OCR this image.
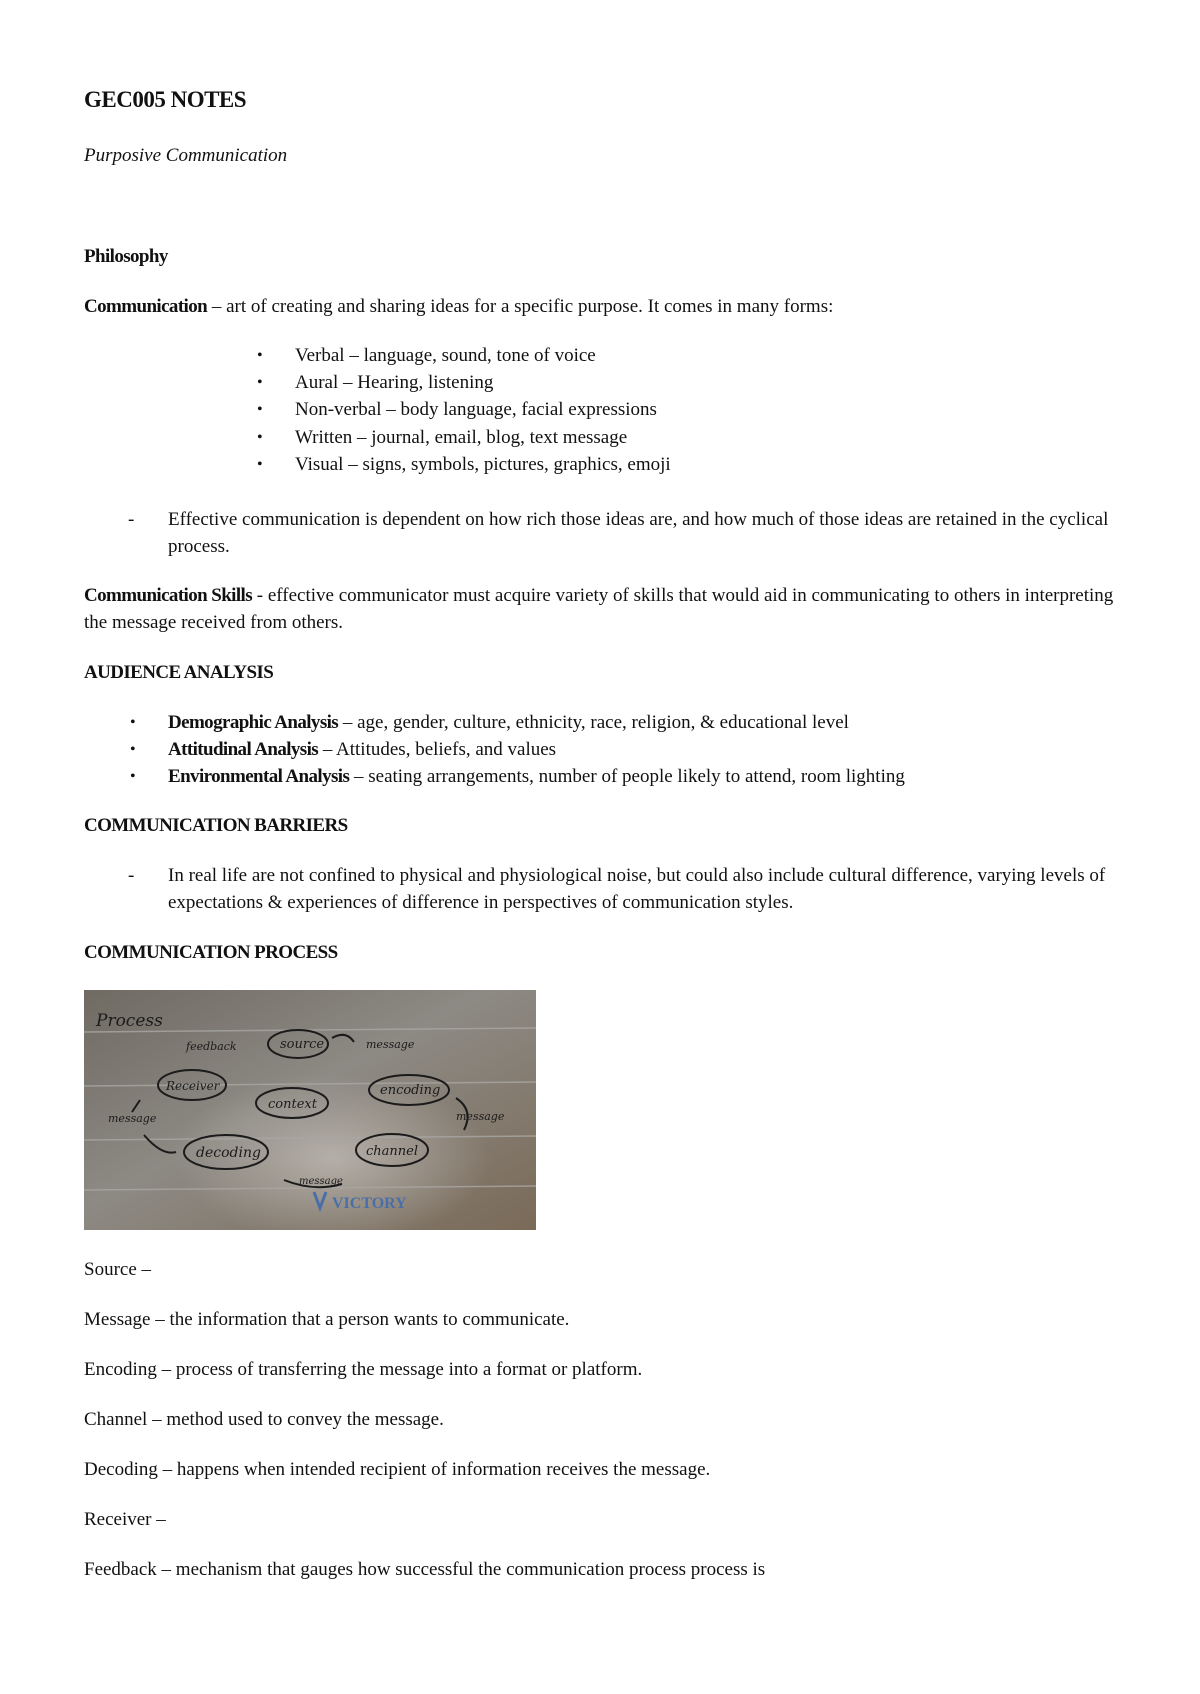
GEC005 NOTES

Purposive Communication

Philosophy

Communication – art of creating and sharing ideas for a specific purpose. It comes in many forms:

• Verbal – language, sound, tone of voice
• Aural – Hearing, listening
• Non-verbal – body language, facial expressions
• Written – journal, email, blog, text message
• Visual – signs, symbols, pictures, graphics, emoji
- Effective communication is dependent on how rich those ideas are, and how much of those ideas are retained in the cyclical process.

Communication Skills - effective communicator must acquire variety of skills that would aid in communicating to others in interpreting the message received from others.

AUDIENCE ANALYSIS

• Demographic Analysis – age, gender, culture, ethnicity, race, religion, & educational level
• Attitudinal Analysis – Attitudes, beliefs, and values
• Environmental Analysis – seating arrangements, number of people likely to attend, room lighting

COMMUNICATION BARRIERS

- In real life are not confined to physical and physiological noise, but could also include cultural difference, varying levels of expectations & experiences of difference in perspectives of communication styles.

COMMUNICATION PROCESS

Process
feedback	source	message
Receiver
context
encoding
message	message
decoding	channel
message
VICTORY

Source –

Message – the information that a person wants to communicate.

Encoding – process of transferring the message into a format or platform.

Channel – method used to convey the message.

Decoding – happens when intended recipient of information receives the message.

Receiver –

Feedback – mechanism that gauges how successful the communication process process is
